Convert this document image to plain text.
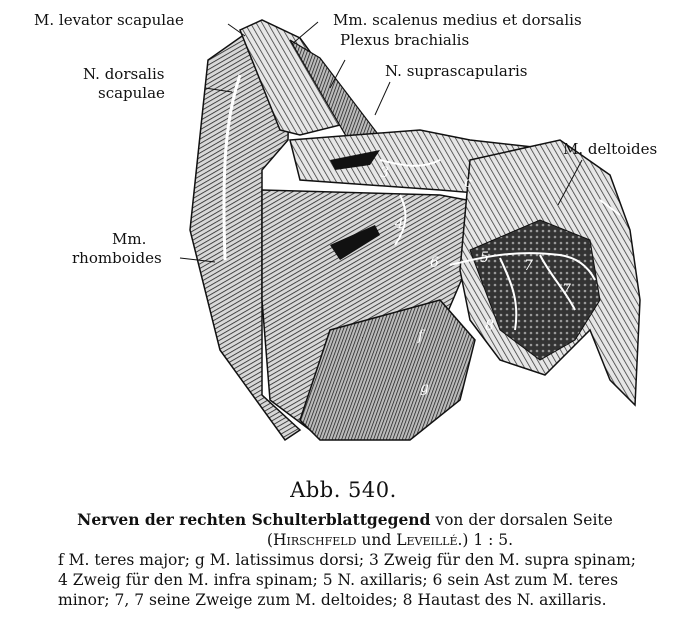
3
4
c
5
6	7
7
8
f
g
M. levator scapulae	Mm. scalenus medius et dorsalis
Plexus brachialis
N. suprascapularis
N. dorsalis
scapulae
M. deltoides
Mm.
rhomboides
Abb. 540.
Nerven der rechten Schulterblattgegend von der dorsalen Seite
(Hirschfeld und Leveillé.) 1 : 5.
f M. teres major; g M. latissimus dorsi; 3 Zweig für den M. supra spinam;
4 Zweig für den M. infra spinam; 5 N. axillaris; 6 sein Ast zum M. teres
minor; 7, 7 seine Zweige zum M. deltoides; 8 Hautast des N. axillaris.
